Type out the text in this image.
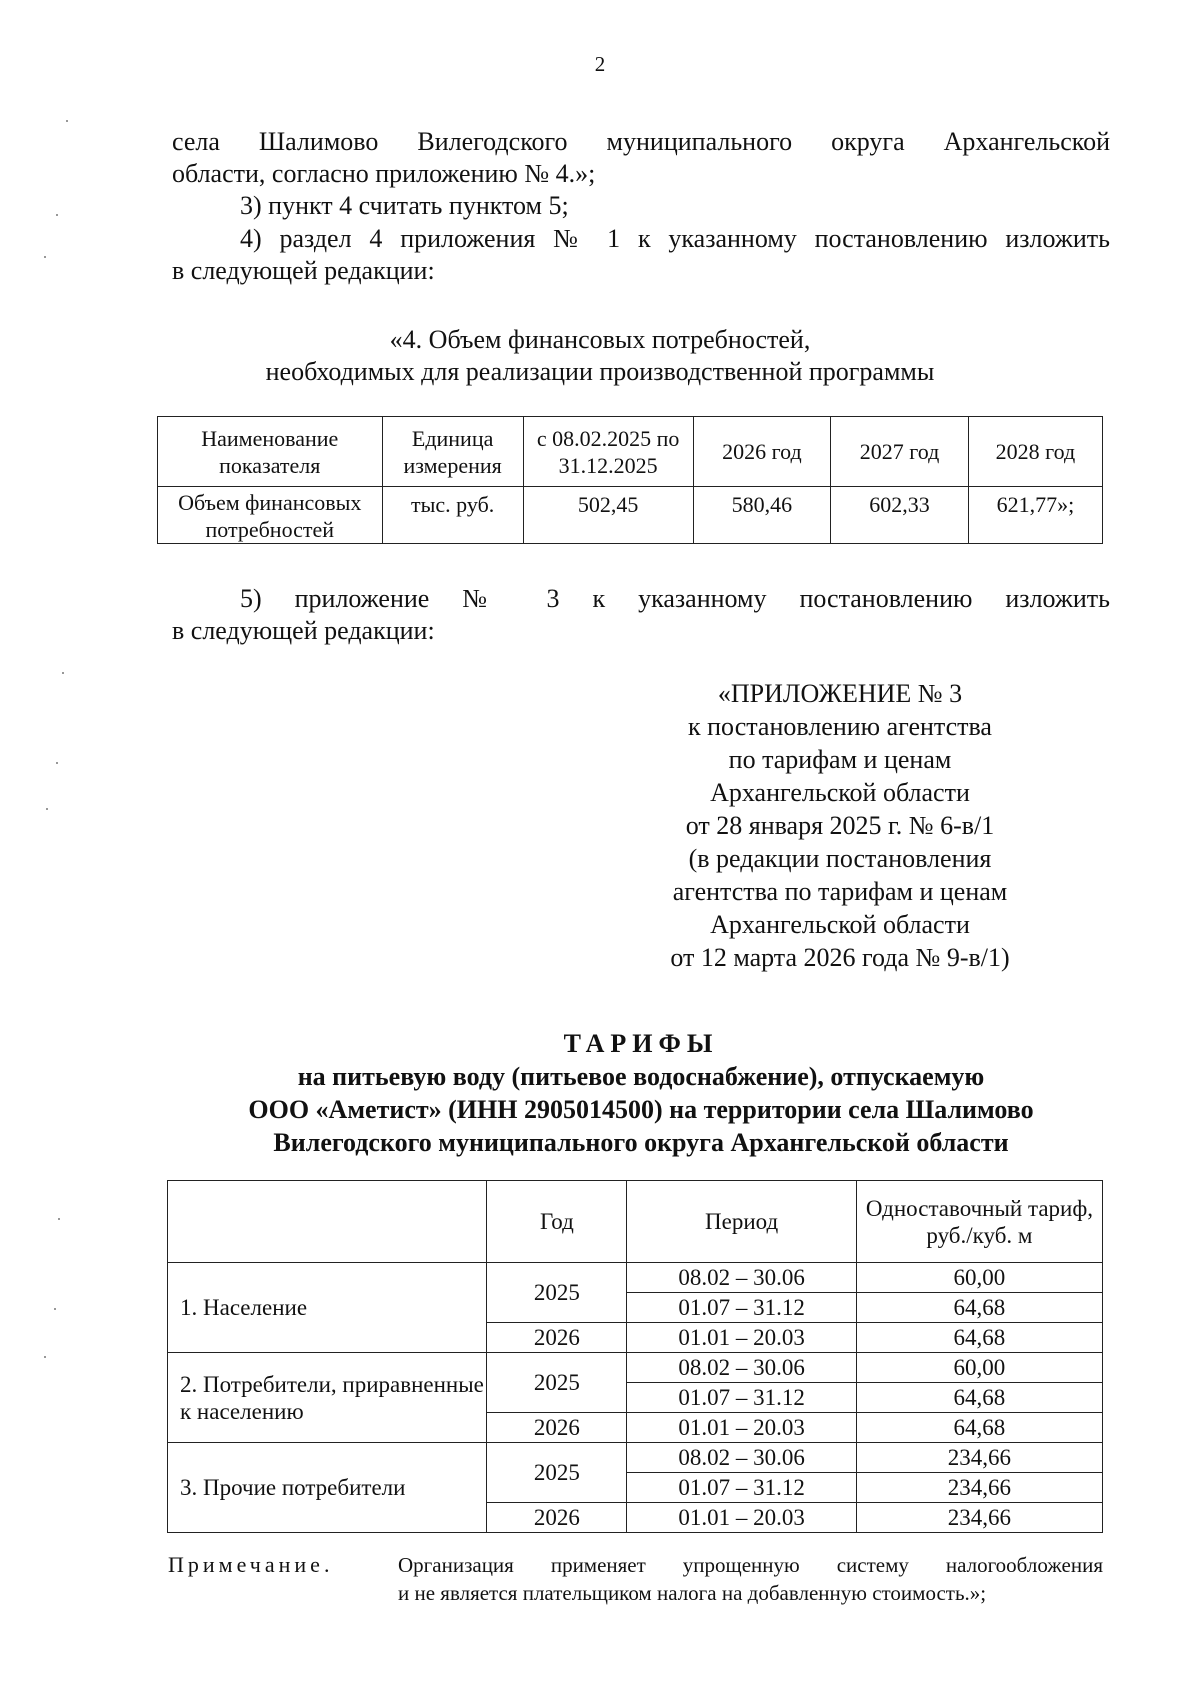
2
села Шалимово Вилегодского муниципального округа Архангельской
области, согласно приложению № 4.»;
3) пункт 4 считать пунктом 5;
4) раздел 4 приложения № 1 к указанному постановлению изложить
в следующей редакции:
«4. Объем финансовых потребностей,
необходимых для реализации производственной программы
Наименование показателя	Единица измерения	с 08.02.2025 по 31.12.2025	2026 год	2027 год	2028 год
Объем финансовых потребностей	тыс. руб.	502,45	580,46	602,33	621,77»;
5) приложение № 3 к указанному постановлению изложить
в следующей редакции:
«ПРИЛОЖЕНИЕ № 3
к постановлению агентства
по тарифам и ценам
Архангельской области
от 28 января 2025 г. № 6-в/1
(в редакции постановления
агентства по тарифам и ценам
Архангельской области
от 12 марта 2026 года № 9-в/1)
ТАРИФЫ
на питьевую воду (питьевое водоснабжение), отпускаемую
ООО «Аметист» (ИНН 2905014500) на территории села Шалимово
Вилегодского муниципального округа Архангельской области
	Год	Период	Одноставочный тариф, руб./куб. м
1. Население	2025	08.02 – 30.06	60,00
		01.07 – 31.12	64,68
	2026	01.01 – 20.03	64,68
2. Потребители, приравненные к населению	2025	08.02 – 30.06	60,00
		01.07 – 31.12	64,68
	2026	01.01 – 20.03	64,68
3. Прочие потребители	2025	08.02 – 30.06	234,66
		01.07 – 31.12	234,66
	2026	01.01 – 20.03	234,66
Примечание.	Организация применяет упрощенную систему налогообложения
и не является плательщиком налога на добавленную стоимость.»;
